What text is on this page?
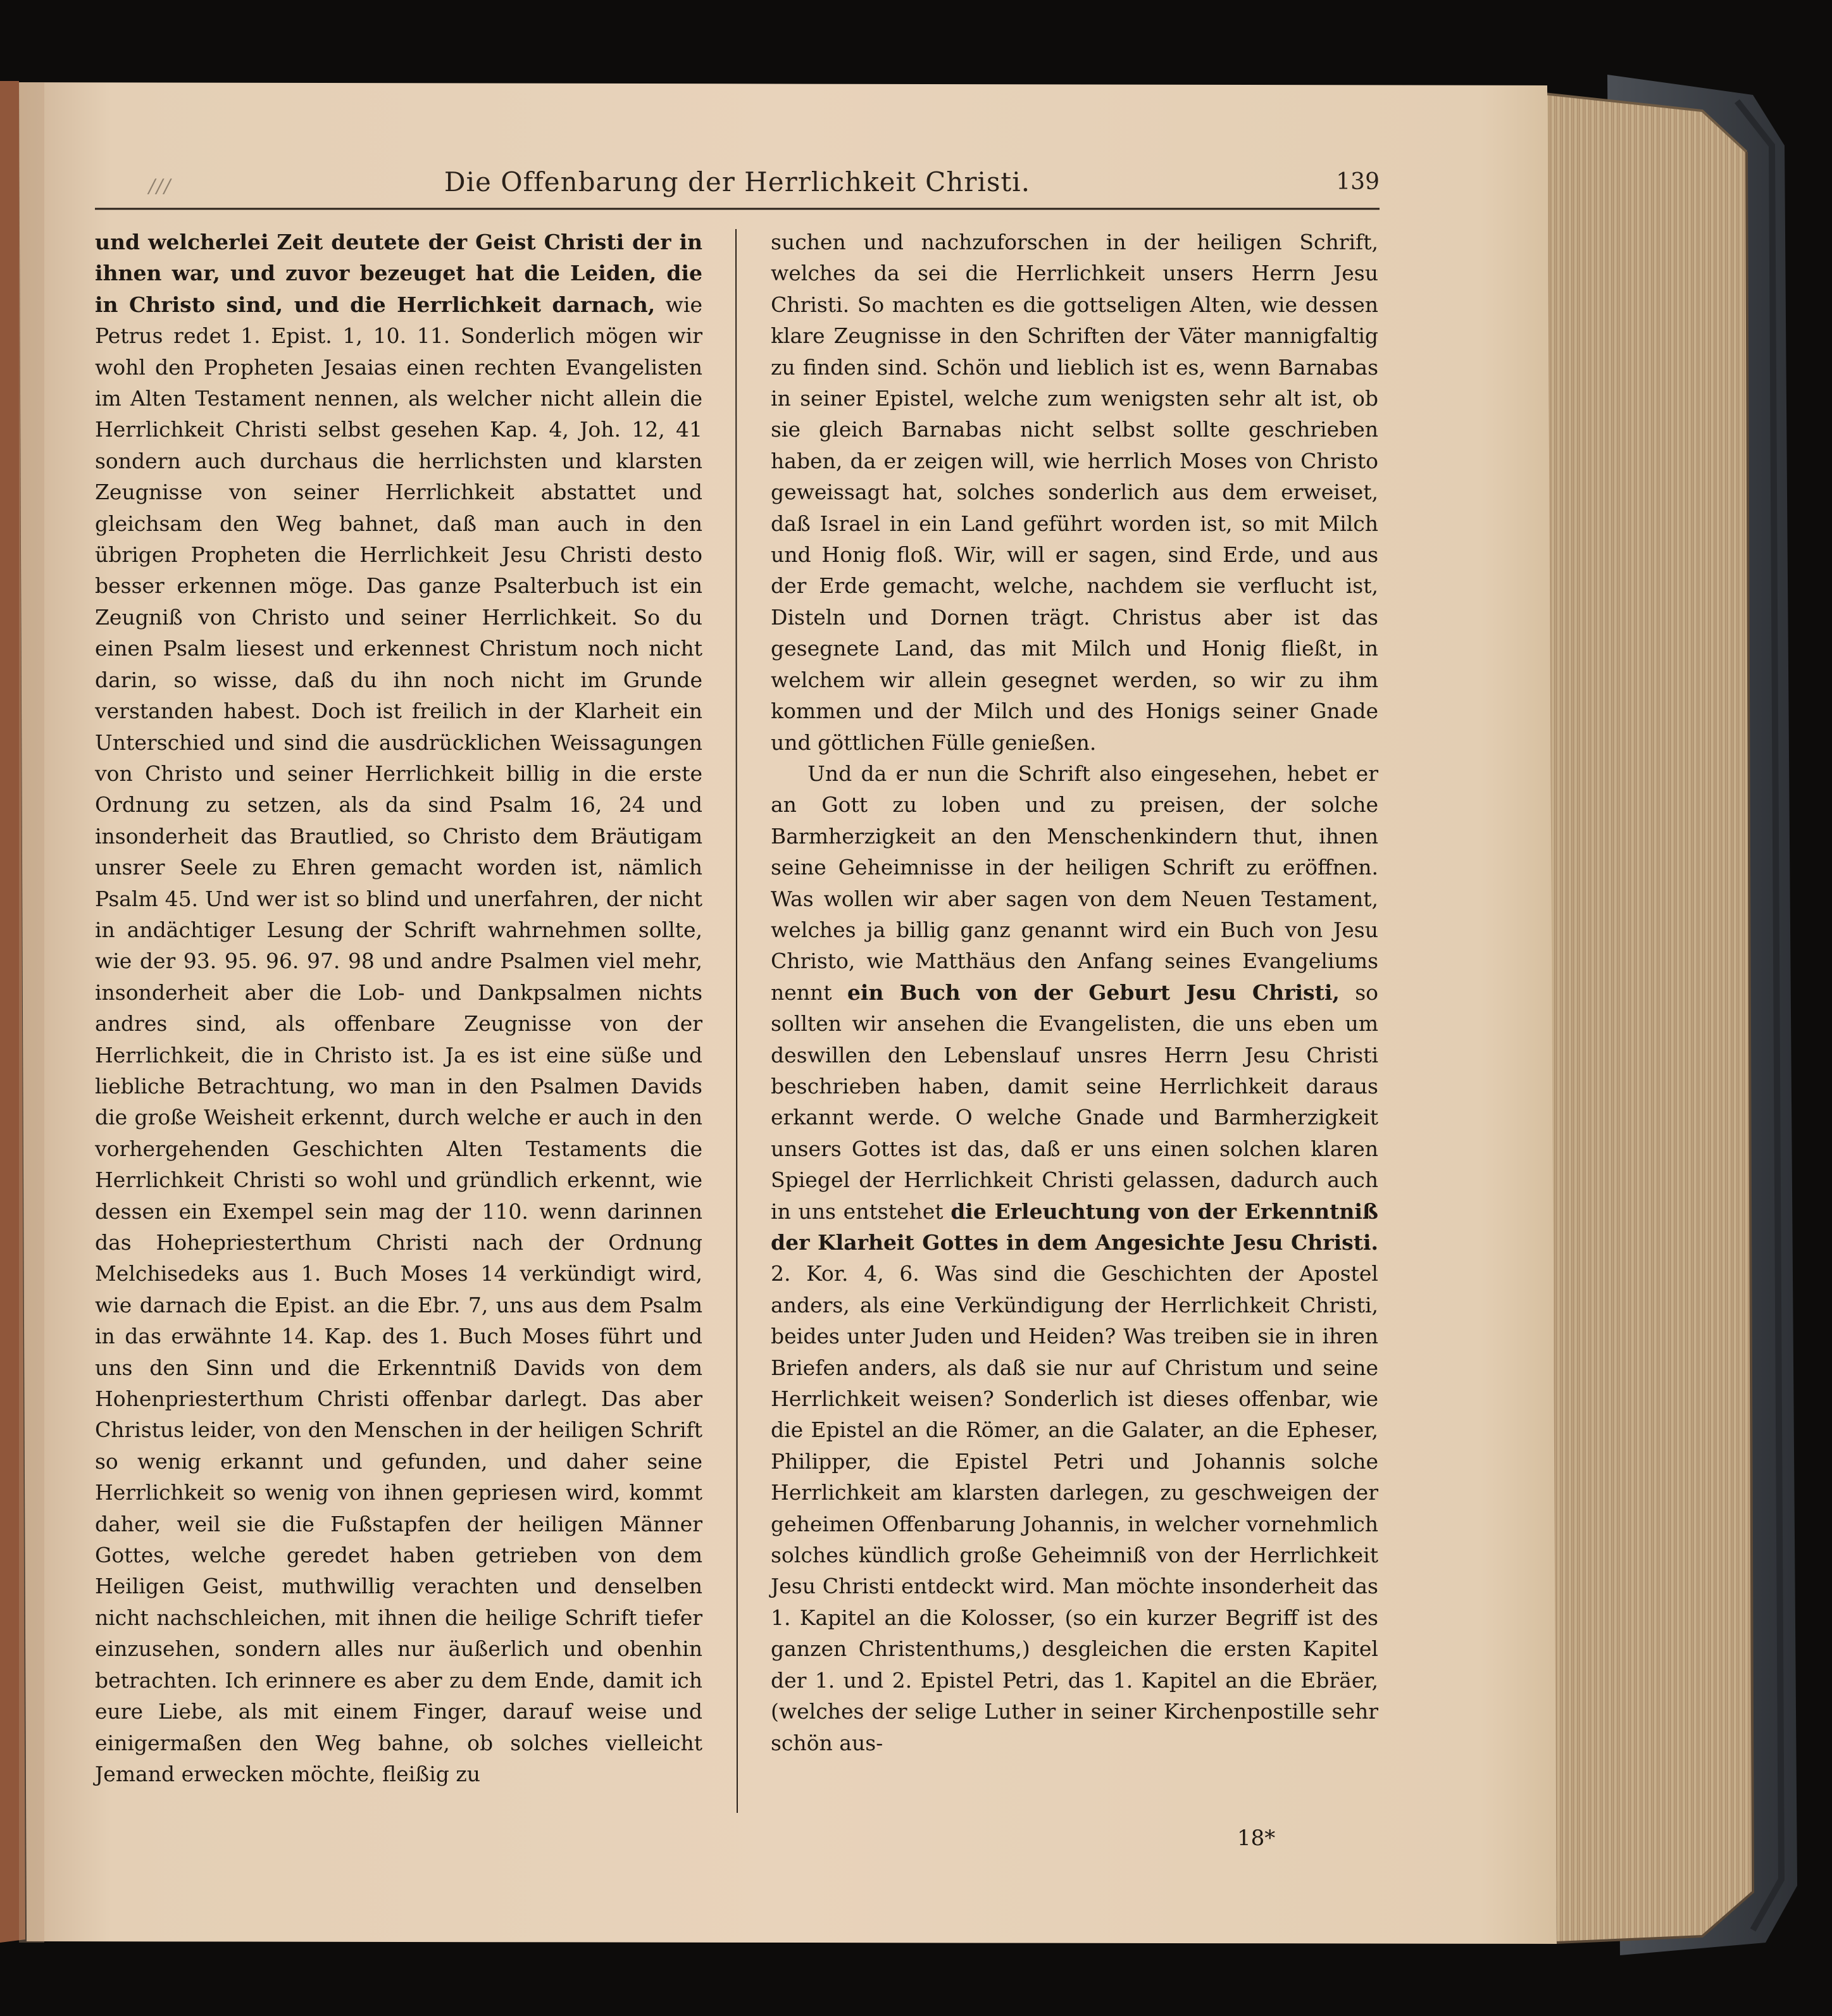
///	Die Offenbarung der Herrlichkeit Christi.	139

und welcherlei Zeit deutete der Geist Christi der in ihnen war, und zuvor bezeuget hat die Leiden, die in Christo sind, und die Herrlichkeit darnach, wie Petrus redet 1. Epist. 1, 10. 11. Sonderlich mögen wir wohl den Propheten Jesaias einen rechten Evangelisten im Alten Testament nennen, als welcher nicht allein die Herrlichkeit Christi selbst gesehen Kap. 4, Joh. 12, 41 sondern auch durchaus die herrlichsten und klarsten Zeugnisse von seiner Herrlichkeit abstattet und gleichsam den Weg bahnet, daß man auch in den übrigen Propheten die Herrlichkeit Jesu Christi desto besser erkennen möge. Das ganze Psalterbuch ist ein Zeugniß von Christo und seiner Herrlichkeit. So du einen Psalm liesest und erkennest Christum noch nicht darin, so wisse, daß du ihn noch nicht im Grunde verstanden habest. Doch ist freilich in der Klarheit ein Unterschied und sind die ausdrücklichen Weissagungen von Christo und seiner Herrlichkeit billig in die erste Ordnung zu setzen, als da sind Psalm 16, 24 und insonderheit das Brautlied, so Christo dem Bräutigam unsrer Seele zu Ehren gemacht worden ist, nämlich Psalm 45. Und wer ist so blind und unerfahren, der nicht in andächtiger Lesung der Schrift wahrnehmen sollte, wie der 93. 95. 96. 97. 98 und andre Psalmen viel mehr, insonderheit aber die Lob- und Dankpsalmen nichts andres sind, als offenbare Zeugnisse von der Herrlichkeit, die in Christo ist. Ja es ist eine süße und liebliche Betrachtung, wo man in den Psalmen Davids die große Weisheit erkennt, durch welche er auch in den vorhergehenden Geschichten Alten Testaments die Herrlichkeit Christi so wohl und gründlich erkennt, wie dessen ein Exempel sein mag der 110. wenn darinnen das Hohepriesterthum Christi nach der Ordnung Melchisedeks aus 1. Buch Moses 14 verkündigt wird, wie darnach die Epist. an die Ebr. 7, uns aus dem Psalm in das erwähnte 14. Kap. des 1. Buch Moses führt und uns den Sinn und die Erkenntniß Davids von dem Hohenpriesterthum Christi offenbar darlegt. Das aber Christus leider, von den Menschen in der heiligen Schrift so wenig erkannt und gefunden, und daher seine Herrlichkeit so wenig von ihnen gepriesen wird, kommt daher, weil sie die Fußstapfen der heiligen Männer Gottes, welche geredet haben getrieben von dem Heiligen Geist, muthwillig verachten und denselben nicht nachschleichen, mit ihnen die heilige Schrift tiefer einzusehen, sondern alles nur äußerlich und obenhin betrachten. Ich erinnere es aber zu dem Ende, damit ich eure Liebe, als mit einem Finger, darauf weise und einigermaßen den Weg bahne, ob solches vielleicht Jemand erwecken möchte, fleißig zu

suchen und nachzuforschen in der heiligen Schrift, welches da sei die Herrlichkeit unsers Herrn Jesu Christi. So machten es die gottseligen Alten, wie dessen klare Zeugnisse in den Schriften der Väter mannigfaltig zu finden sind. Schön und lieblich ist es, wenn Barnabas in seiner Epistel, welche zum wenigsten sehr alt ist, ob sie gleich Barnabas nicht selbst sollte geschrieben haben, da er zeigen will, wie herrlich Moses von Christo geweissagt hat, solches sonderlich aus dem erweiset, daß Israel in ein Land geführt worden ist, so mit Milch und Honig floß. Wir, will er sagen, sind Erde, und aus der Erde gemacht, welche, nachdem sie verflucht ist, Disteln und Dornen trägt. Christus aber ist das gesegnete Land, das mit Milch und Honig fließt, in welchem wir allein gesegnet werden, so wir zu ihm kommen und der Milch und des Honigs seiner Gnade und göttlichen Fülle genießen.

Und da er nun die Schrift also eingesehen, hebet er an Gott zu loben und zu preisen, der solche Barmherzigkeit an den Menschenkindern thut, ihnen seine Geheimnisse in der heiligen Schrift zu eröffnen. Was wollen wir aber sagen von dem Neuen Testament, welches ja billig ganz genannt wird ein Buch von Jesu Christo, wie Matthäus den Anfang seines Evangeliums nennt ein Buch von der Geburt Jesu Christi, so sollten wir ansehen die Evangelisten, die uns eben um deswillen den Lebenslauf unsres Herrn Jesu Christi beschrieben haben, damit seine Herrlichkeit daraus erkannt werde. O welche Gnade und Barmherzigkeit unsers Gottes ist das, daß er uns einen solchen klaren Spiegel der Herrlichkeit Christi gelassen, dadurch auch in uns entstehet die Erleuchtung von der Erkenntniß der Klarheit Gottes in dem Angesichte Jesu Christi. 2. Kor. 4, 6. Was sind die Geschichten der Apostel anders, als eine Verkündigung der Herrlichkeit Christi, beides unter Juden und Heiden? Was treiben sie in ihren Briefen anders, als daß sie nur auf Christum und seine Herrlichkeit weisen? Sonderlich ist dieses offenbar, wie die Epistel an die Römer, an die Galater, an die Epheser, Philipper, die Epistel Petri und Johannis solche Herrlichkeit am klarsten darlegen, zu geschweigen der geheimen Offenbarung Johannis, in welcher vornehmlich solches kündlich große Geheimniß von der Herrlichkeit Jesu Christi entdeckt wird. Man möchte insonderheit das 1. Kapitel an die Kolosser, (so ein kurzer Begriff ist des ganzen Christenthums,) desgleichen die ersten Kapitel der 1. und 2. Epistel Petri, das 1. Kapitel an die Ebräer, (welches der selige Luther in seiner Kirchenpostille sehr schön aus-

18*
